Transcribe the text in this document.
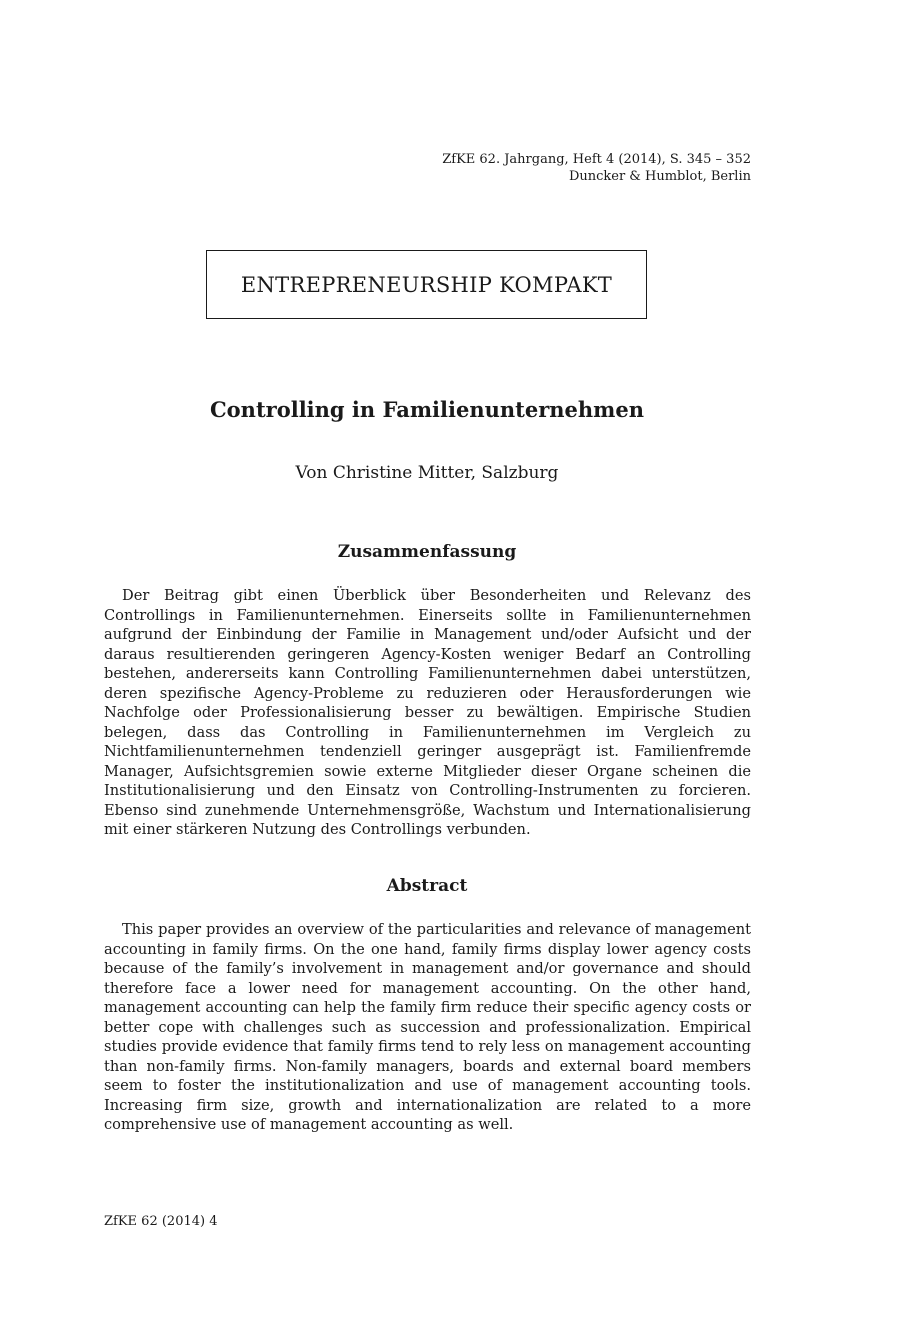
ZfKE 62. Jahrgang, Heft 4 (2014), S. 345 – 352
Duncker & Humblot, Berlin
ENTREPRENEURSHIP KOMPAKT
Controlling in Familienunternehmen
Von Christine Mitter, Salzburg
Zusammenfassung

Der Beitrag gibt einen Überblick über Besonderheiten und Relevanz des Controllings in Familienunternehmen. Einerseits sollte in Familienunternehmen aufgrund der Einbindung der Familie in Management und/oder Aufsicht und der daraus resultierenden geringeren Agency-Kosten weniger Bedarf an Controlling bestehen, andererseits kann Controlling Familienunternehmen dabei unterstützen, deren spezifische Agency-Probleme zu reduzieren oder Herausforderungen wie Nachfolge oder Professionalisierung besser zu bewältigen. Empirische Studien belegen, dass das Controlling in Familienunternehmen im Vergleich zu Nichtfamilienunternehmen tendenziell geringer ausgeprägt ist. Familienfremde Manager, Aufsichtsgremien sowie externe Mitglieder dieser Organe scheinen die Institutionalisierung und den Einsatz von Controlling-Instrumenten zu forcieren. Ebenso sind zunehmende Unternehmensgröße, Wachstum und Internationalisierung mit einer stärkeren Nutzung des Controllings verbunden.

Abstract

This paper provides an overview of the particularities and relevance of management accounting in family firms. On the one hand, family firms display lower agency costs because of the family’s involvement in management and/or governance and should therefore face a lower need for management accounting. On the other hand, management accounting can help the family firm reduce their specific agency costs or better cope with challenges such as succession and professionalization. Empirical studies provide evidence that family firms tend to rely less on management accounting than non-family firms. Non-family managers, boards and external board members seem to foster the institutionalization and use of management accounting tools. Increasing firm size, growth and internationalization are related to a more comprehensive use of management accounting as well.

ZfKE 62 (2014) 4
